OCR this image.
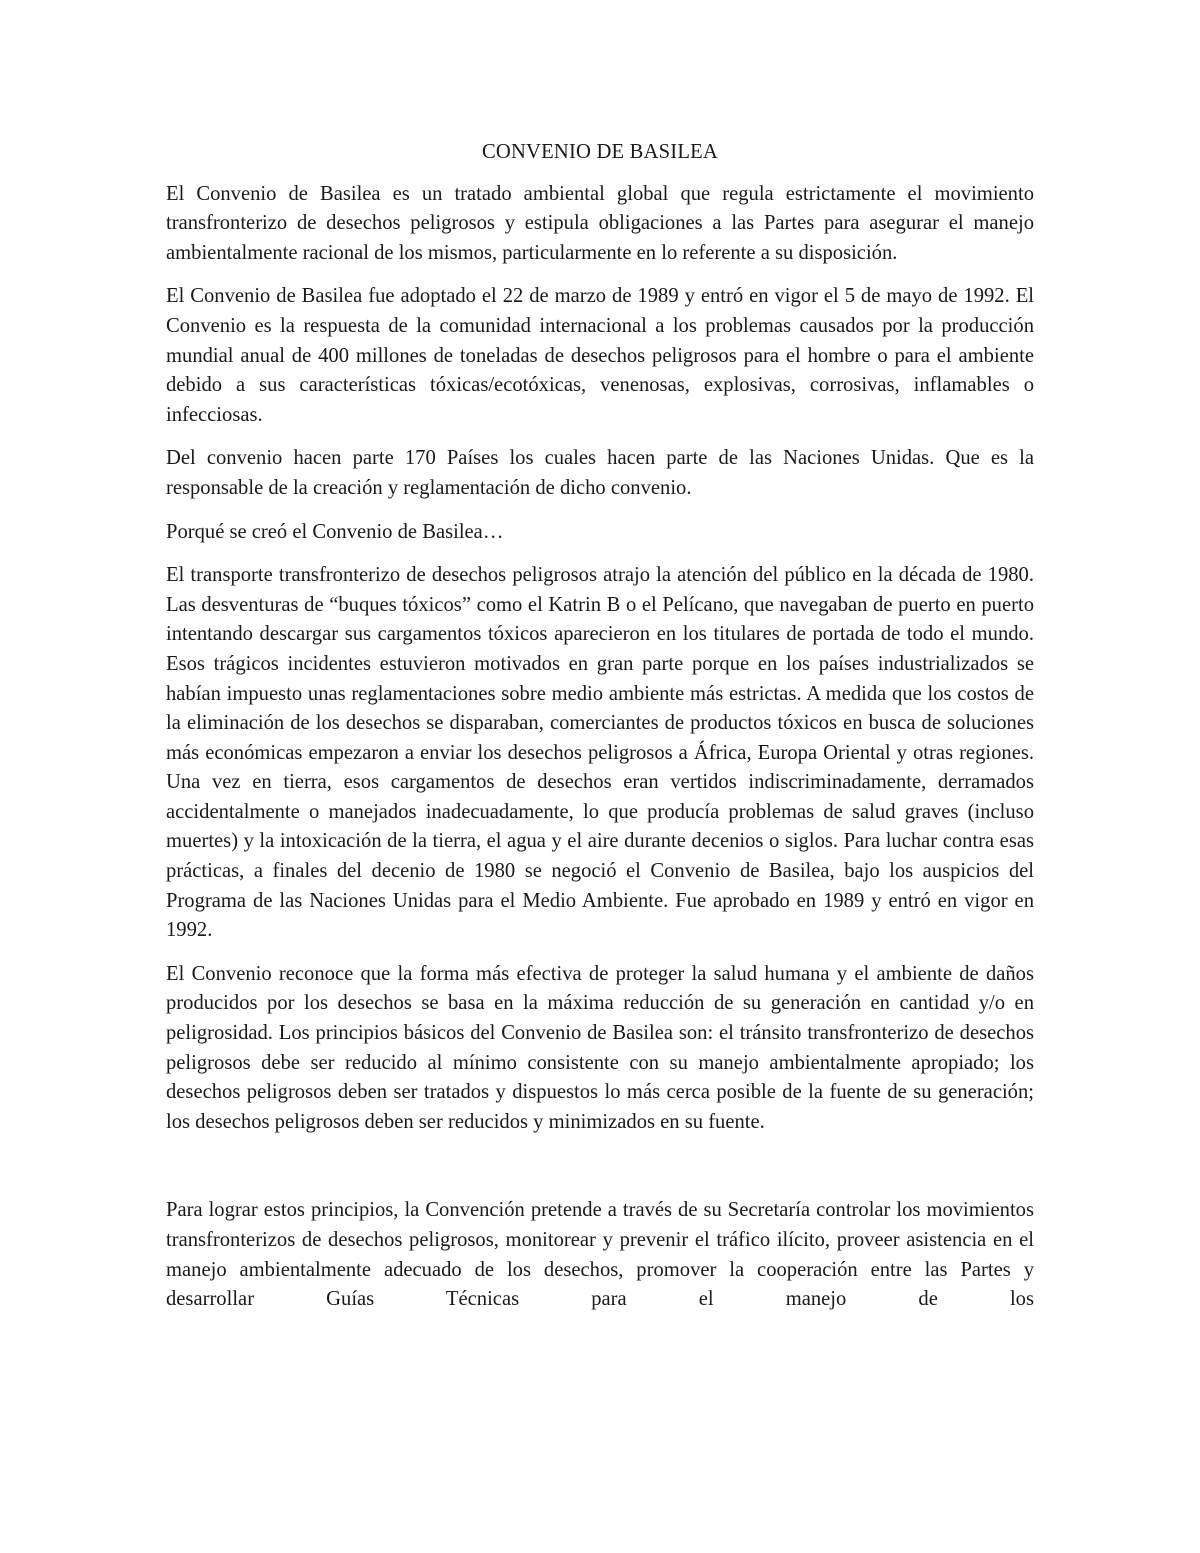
CONVENIO DE BASILEA

El Convenio de Basilea es un tratado ambiental global que regula estrictamente el movimiento transfronterizo de desechos peligrosos y estipula obligaciones a las Partes para asegurar el manejo ambientalmente racional de los mismos, particularmente en lo referente a su disposición.

El Convenio de Basilea fue adoptado el 22 de marzo de 1989 y entró en vigor el 5 de mayo de 1992. El Convenio es la respuesta de la comunidad internacional a los problemas causados por la producción mundial anual de 400 millones de toneladas de desechos peligrosos para el hombre o para el ambiente debido a sus características tóxicas/ecotóxicas, venenosas, explosivas, corrosivas, inflamables o infecciosas.

Del convenio hacen parte 170 Países los cuales hacen parte de las Naciones Unidas. Que es la responsable de la creación y reglamentación de dicho convenio.

Porqué se creó el Convenio de Basilea…

El transporte transfronterizo de desechos peligrosos atrajo la atención del público en la década de 1980. Las desventuras de “buques tóxicos” como el Katrin B o el Pelícano, que navegaban de puerto en puerto intentando descargar sus cargamentos tóxicos aparecieron en los titulares de portada de todo el mundo. Esos trágicos incidentes estuvieron motivados en gran parte porque en los países industrializados se habían impuesto unas reglamentaciones sobre medio ambiente más estrictas. A medida que los costos de la eliminación de los desechos se disparaban, comerciantes de productos tóxicos en busca de soluciones más económicas empezaron a enviar los desechos peligrosos a África, Europa Oriental y otras regiones. Una vez en tierra, esos cargamentos de desechos eran vertidos indiscriminadamente, derramados accidentalmente o manejados inadecuadamente, lo que producía problemas de salud graves (incluso muertes) y la intoxicación de la tierra, el agua y el aire durante decenios o siglos. Para luchar contra esas prácticas, a finales del decenio de 1980 se negoció el Convenio de Basilea, bajo los auspicios del Programa de las Naciones Unidas para el Medio Ambiente. Fue aprobado en 1989 y entró en vigor en 1992.

El Convenio reconoce que la forma más efectiva de proteger la salud humana y el ambiente de daños producidos por los desechos se basa en la máxima reducción de su generación en cantidad y/o en peligrosidad. Los principios básicos del Convenio de Basilea son: el tránsito transfronterizo de desechos peligrosos debe ser reducido al mínimo consistente con su manejo ambientalmente apropiado; los desechos peligrosos deben ser tratados y dispuestos lo más cerca posible de la fuente de su generación; los desechos peligrosos deben ser reducidos y minimizados en su fuente.

Para lograr estos principios, la Convención pretende a través de su Secretaría controlar los movimientos transfronterizos de desechos peligrosos, monitorear y prevenir el tráfico ilícito, proveer asistencia en el manejo ambientalmente adecuado de los desechos, promover la cooperación entre las Partes y desarrollar Guías Técnicas para el manejo de los
